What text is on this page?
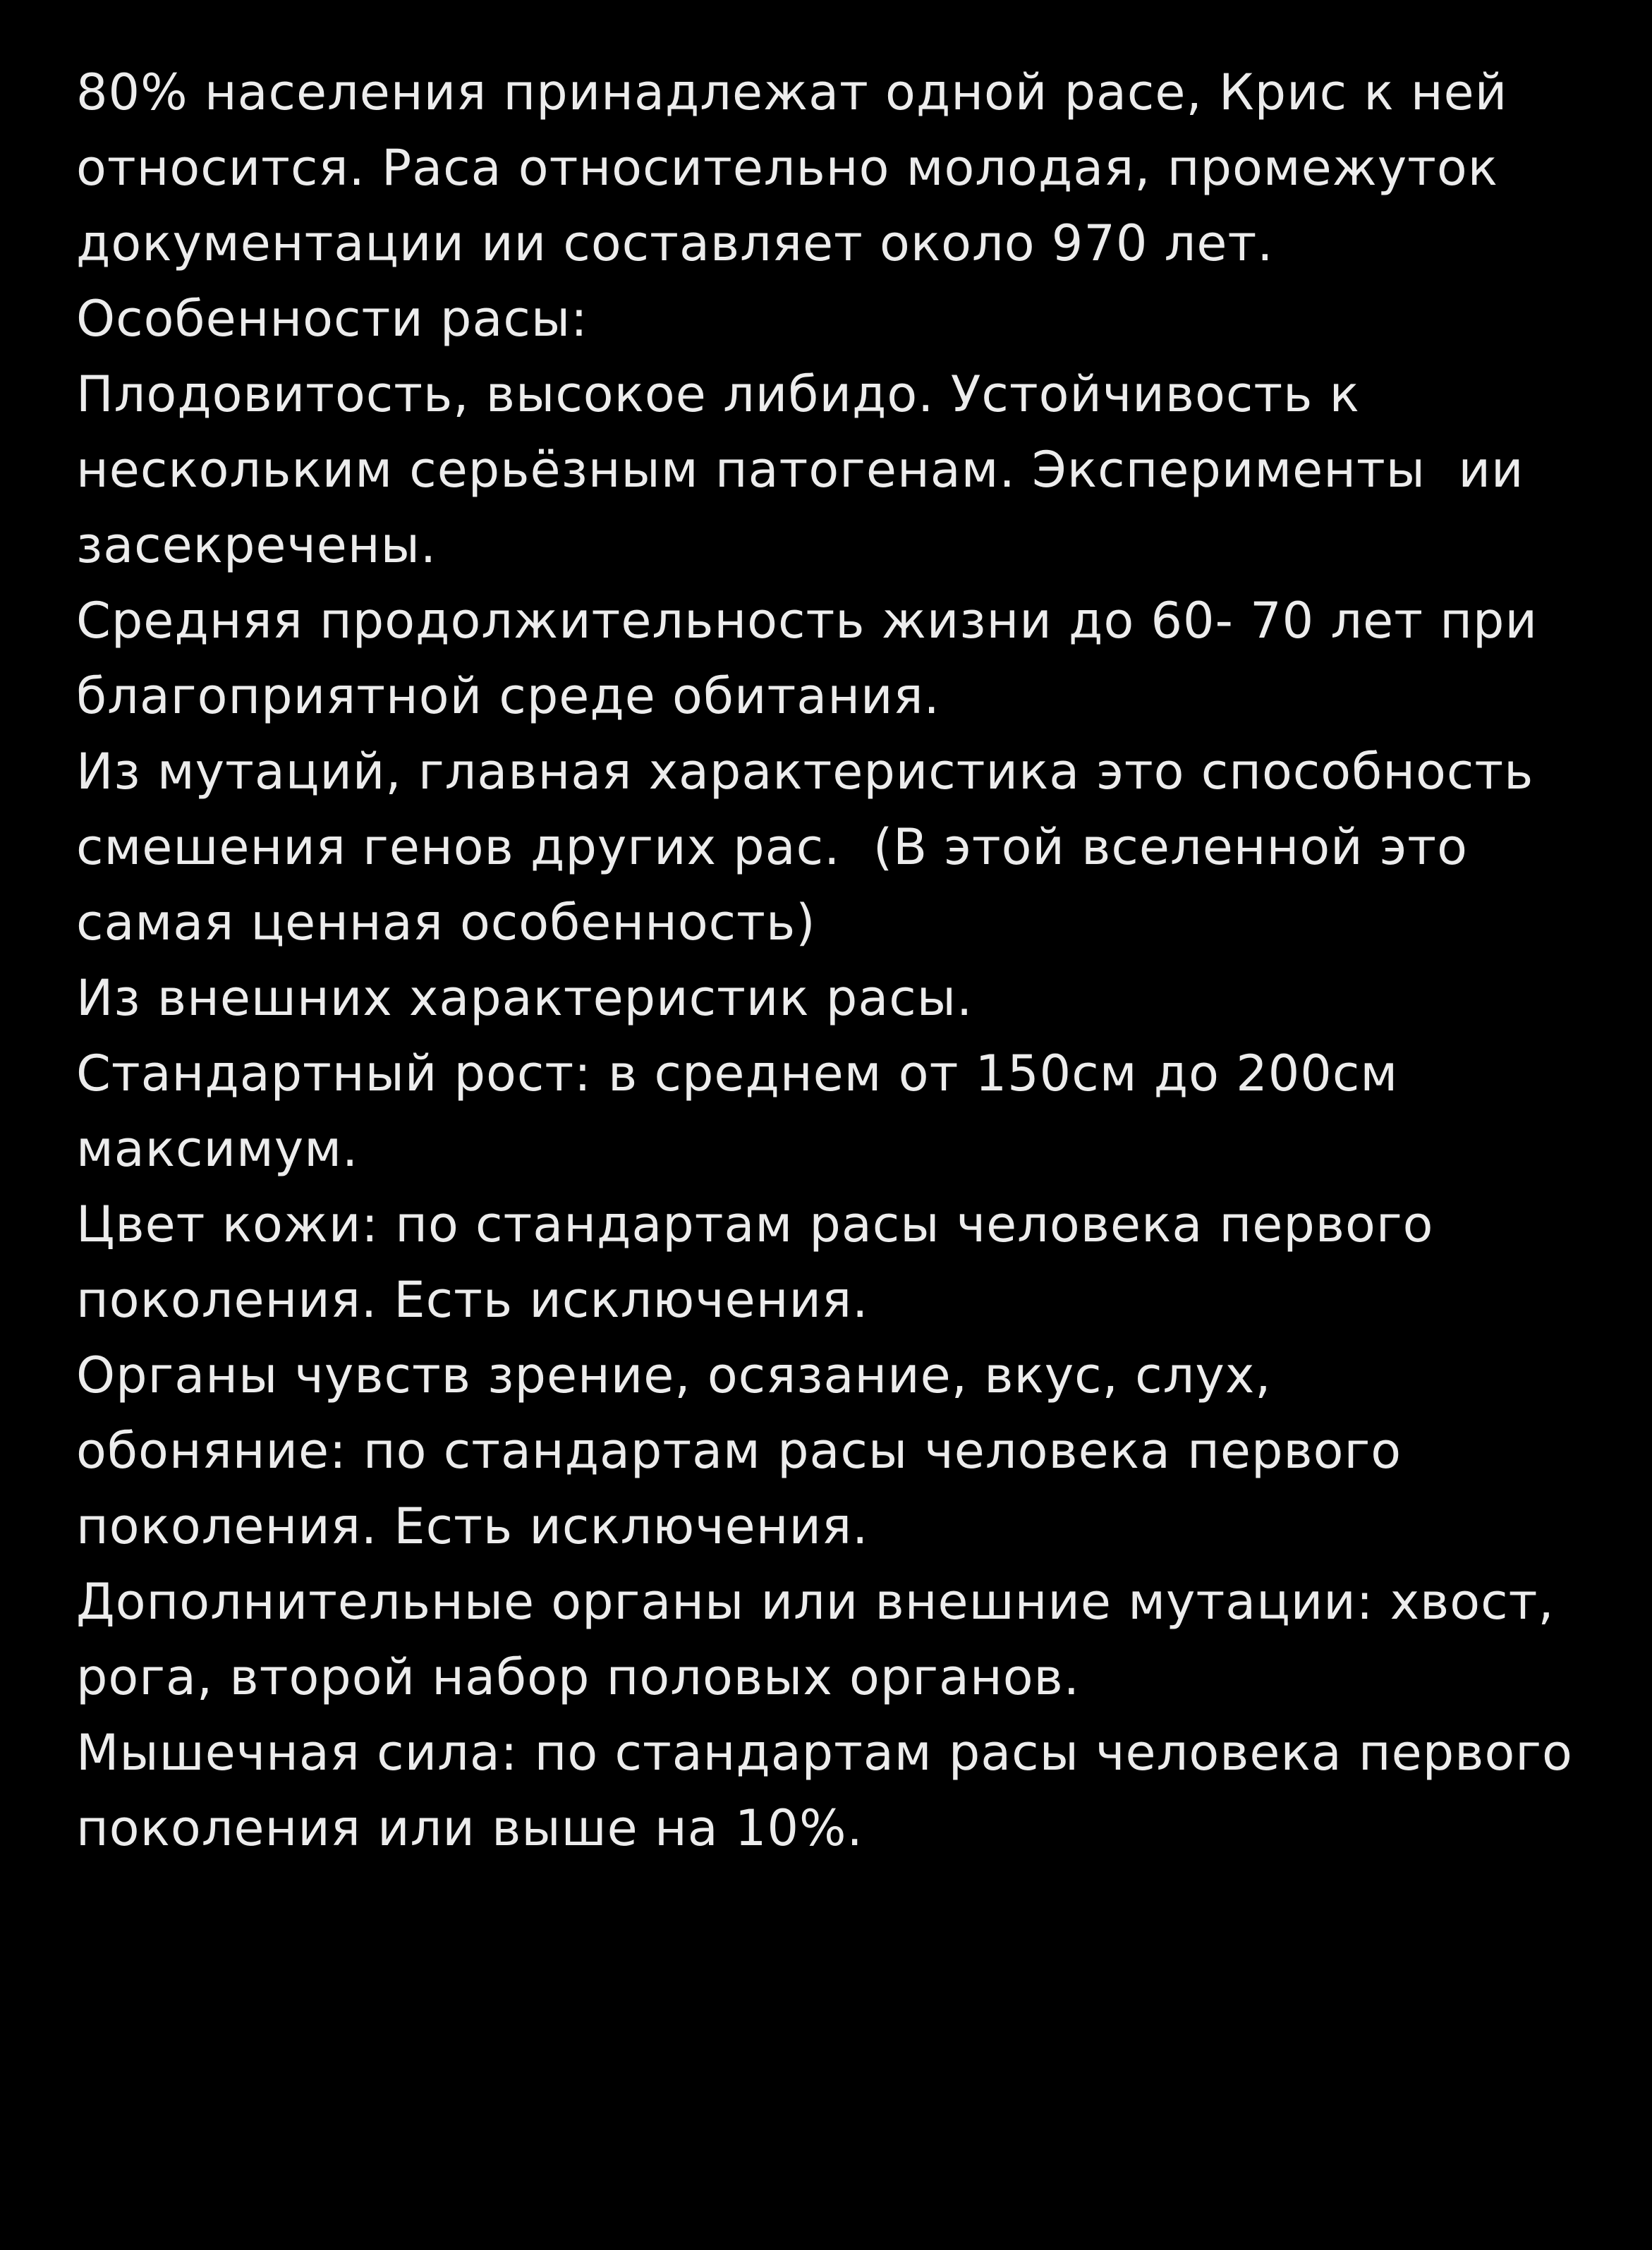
80% населения принадлежат одной расе, Крис к ней
относится. Раса относительно молодая, промежуток
документации ии составляет около 970 лет.
Особенности расы:
Плодовитость, высокое либидо. Устойчивость к
нескольким серьёзным патогенам. Эксперименты  ии
засекречены.
Средняя продолжительность жизни до 60- 70 лет при
благоприятной среде обитания.
Из мутаций, главная характеристика это способность
смешения генов других рас.  (В этой вселенной это
самая ценная особенность)
Из внешних характеристик расы.
Стандартный рост: в среднем от 150см до 200см
максимум.
Цвет кожи: по стандартам расы человека первого
поколения. Есть исключения.
Органы чувств зрение, осязание, вкус, слух,
обоняние: по стандартам расы человека первого
поколения. Есть исключения.
Дополнительные органы или внешние мутации: хвост,
рога, второй набор половых органов.
Мышечная сила: по стандартам расы человека первого
поколения или выше на 10%.
